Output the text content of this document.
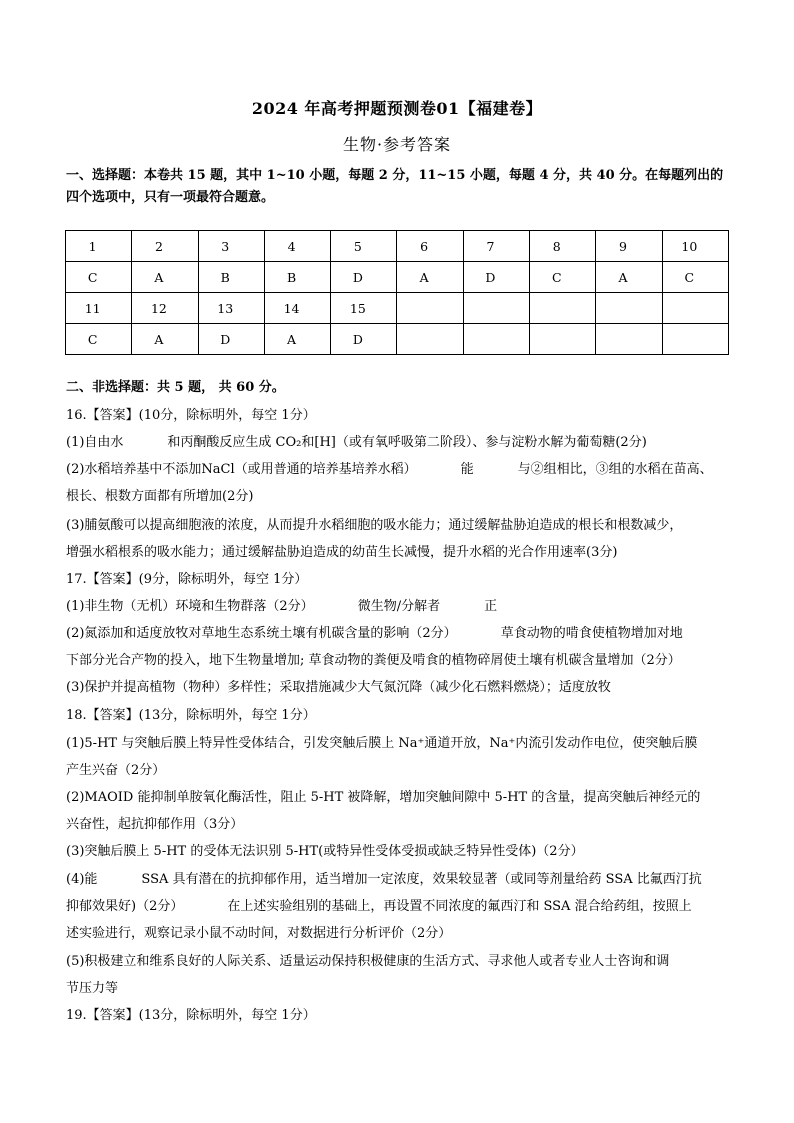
2024 年高考押题预测卷01【福建卷】
生物·参考答案
一、选择题：本卷共 15 题，其中 1~10 小题，每题 2 分，11~15 小题，每题 4 分，共 40 分。在每题列出的
四个选项中，只有一项最符合题意。
1	2	3	4	5	6	7	8	9	10
C	A	B	B	D	A	D	C	A	C
11	12	13	14	15					
C	A	D	A	D					
二、非选择题：共 5 题， 共 60 分。
16.【答案】(10分，除标明外，每空 1分）
(1)自由水	和丙酮酸反应生成 CO₂和[H]（或有氧呼吸第二阶段）、参与淀粉水解为葡萄糖(2分)
(2)水稻培养基中不添加NaCl（或用普通的培养基培养水稻）	能	与②组相比，③组的水稻在苗高、
根长、根数方面都有所增加(2分)
(3)脯氨酸可以提高细胞液的浓度，从而提升水稻细胞的吸水能力；通过缓解盐胁迫造成的根长和根数减少，
增强水稻根系的吸水能力；通过缓解盐胁迫造成的幼苗生长减慢，提升水稻的光合作用速率(3分)
17.【答案】(9分，除标明外，每空 1分）
(1)非生物（无机）环境和生物群落（2分）	微生物/分解者	正
(2)氮添加和适度放牧对草地生态系统土壤有机碳含量的影响（2分）	草食动物的啃食使植物增加对地
下部分光合产物的投入，地下生物量增加; 草食动物的粪便及啃食的植物碎屑使土壤有机碳含量增加（2分）
(3)保护并提高植物（物种）多样性；采取措施减少大气氮沉降（减少化石燃料燃烧）；适度放牧
18.【答案】(13分，除标明外，每空 1分）
(1)5-HT 与突触后膜上特异性受体结合，引发突触后膜上 Na⁺通道开放，Na⁺内流引发动作电位，使突触后膜
产生兴奋（2分）
(2)MAOID 能抑制单胺氧化酶活性，阻止 5-HT 被降解，增加突触间隙中 5-HT 的含量，提高突触后神经元的
兴奋性，起抗抑郁作用（3分）
(3)突触后膜上 5-HT 的受体无法识别 5-HT(或特异性受体受损或缺乏特异性受体)（2分）
(4)能	SSA 具有潜在的抗抑郁作用，适当增加一定浓度，效果较显著（或同等剂量给药 SSA 比氟西汀抗
抑郁效果好)（2分）	在上述实验组别的基础上，再设置不同浓度的氟西汀和 SSA 混合给药组，按照上
述实验进行，观察记录小鼠不动时间，对数据进行分析评价（2分）
(5)积极建立和维系良好的人际关系、适量运动保持积极健康的生活方式、寻求他人或者专业人士咨询和调
节压力等
19.【答案】(13分，除标明外，每空 1分）
